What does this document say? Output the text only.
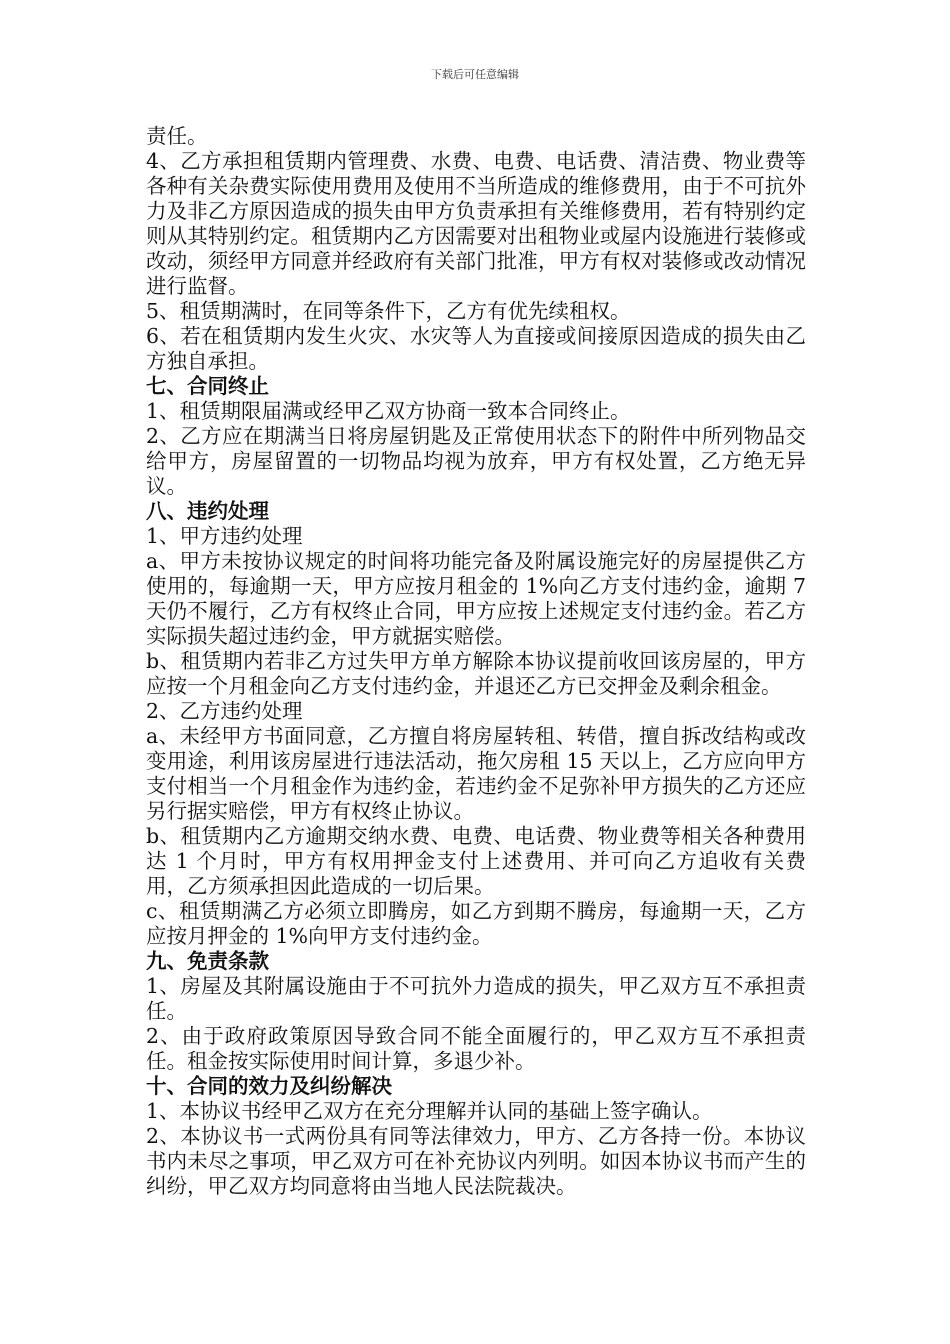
下载后可任意编辑

责任。

4、乙方承担租赁期内管理费、水费、电费、电话费、清洁费、物业费等各种有关杂费实际使用费用及使用不当所造成的维修费用，由于不可抗外力及非乙方原因造成的损失由甲方负责承担有关维修费用，若有特别约定则从其特别约定。租赁期内乙方因需要对出租物业或屋内设施进行装修或改动，须经甲方同意并经政府有关部门批准，甲方有权对装修或改动情况进行监督。

5、租赁期满时，在同等条件下，乙方有优先续租权。

6、若在租赁期内发生火灾、水灾等人为直接或间接原因造成的损失由乙方独自承担。

七、合同终止

1、租赁期限届满或经甲乙双方协商一致本合同终止。

2、乙方应在期满当日将房屋钥匙及正常使用状态下的附件中所列物品交给甲方，房屋留置的一切物品均视为放弃，甲方有权处置，乙方绝无异议。

八、违约处理

1、甲方违约处理

a、甲方未按协议规定的时间将功能完备及附属设施完好的房屋提供乙方使用的，每逾期一天，甲方应按月租金的 1%向乙方支付违约金，逾期 7 天仍不履行，乙方有权终止合同，甲方应按上述规定支付违约金。若乙方实际损失超过违约金，甲方就据实赔偿。

b、租赁期内若非乙方过失甲方单方解除本协议提前收回该房屋的，甲方应按一个月租金向乙方支付违约金，并退还乙方已交押金及剩余租金。

2、乙方违约处理

a、未经甲方书面同意，乙方擅自将房屋转租、转借，擅自拆改结构或改变用途，利用该房屋进行违法活动，拖欠房租 15 天以上，乙方应向甲方支付相当一个月租金作为违约金，若违约金不足弥补甲方损失的乙方还应另行据实赔偿，甲方有权终止协议。

b、租赁期内乙方逾期交纳水费、电费、电话费、物业费等相关各种费用达 1 个月时，甲方有权用押金支付上述费用、并可向乙方追收有关费用，乙方须承担因此造成的一切后果。

c、租赁期满乙方必须立即腾房，如乙方到期不腾房，每逾期一天，乙方应按月押金的 1%向甲方支付违约金。

九、免责条款

1、房屋及其附属设施由于不可抗外力造成的损失，甲乙双方互不承担责任。

2、由于政府政策原因导致合同不能全面履行的，甲乙双方互不承担责任。租金按实际使用时间计算，多退少补。

十、合同的效力及纠纷解决

1、本协议书经甲乙双方在充分理解并认同的基础上签字确认。

2、本协议书一式两份具有同等法律效力，甲方、乙方各持一份。本协议书内未尽之事项，甲乙双方可在补充协议内列明。如因本协议书而产生的纠纷，甲乙双方均同意将由当地人民法院裁决。
